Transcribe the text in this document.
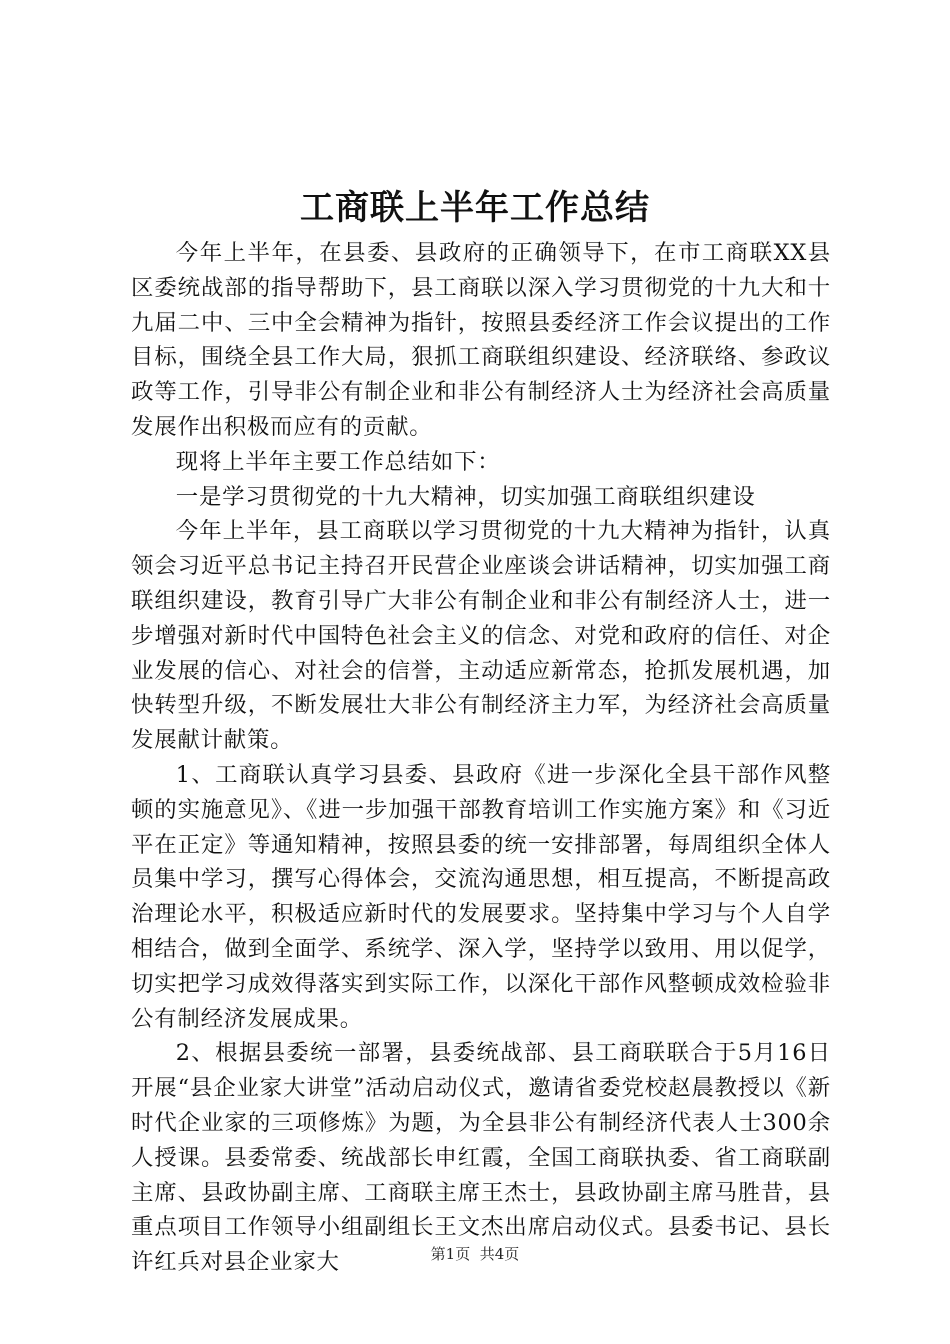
工商联上半年工作总结

今年上半年，在县委、县政府的正确领导下，在市工商联XX县区委统战部的指导帮助下，县工商联以深入学习贯彻党的十九大和十九届二中、三中全会精神为指针，按照县委经济工作会议提出的工作目标，围绕全县工作大局，狠抓工商联组织建设、经济联络、参政议政等工作，引导非公有制企业和非公有制经济人士为经济社会高质量发展作出积极而应有的贡献。

现将上半年主要工作总结如下：

一是学习贯彻党的十九大精神，切实加强工商联组织建设

今年上半年，县工商联以学习贯彻党的十九大精神为指针，认真领会习近平总书记主持召开民营企业座谈会讲话精神，切实加强工商联组织建设，教育引导广大非公有制企业和非公有制经济人士，进一步增强对新时代中国特色社会主义的信念、对党和政府的信任、对企业发展的信心、对社会的信誉，主动适应新常态，抢抓发展机遇，加快转型升级，不断发展壮大非公有制经济主力军，为经济社会高质量发展献计献策。

1、工商联认真学习县委、县政府《进一步深化全县干部作风整顿的实施意见》、《进一步加强干部教育培训工作实施方案》和《习近平在正定》等通知精神，按照县委的统一安排部署，每周组织全体人员集中学习，撰写心得体会，交流沟通思想，相互提高，不断提高政治理论水平，积极适应新时代的发展要求。坚持集中学习与个人自学相结合，做到全面学、系统学、深入学，坚持学以致用、用以促学，切实把学习成效得落实到实际工作，以深化干部作风整顿成效检验非公有制经济发展成果。

2、根据县委统一部署，县委统战部、县工商联联合于5月16日开展“县企业家大讲堂”活动启动仪式，邀请省委党校赵晨教授以《新时代企业家的三项修炼》为题，为全县非公有制经济代表人士300余人授课。县委常委、统战部长申红霞，全国工商联执委、省工商联副主席、县政协副主席、工商联主席王杰士，县政协副主席马胜昔，县重点项目工作领导小组副组长王文杰出席启动仪式。县委书记、县长许红兵对县企业家大	第1页 共4页
